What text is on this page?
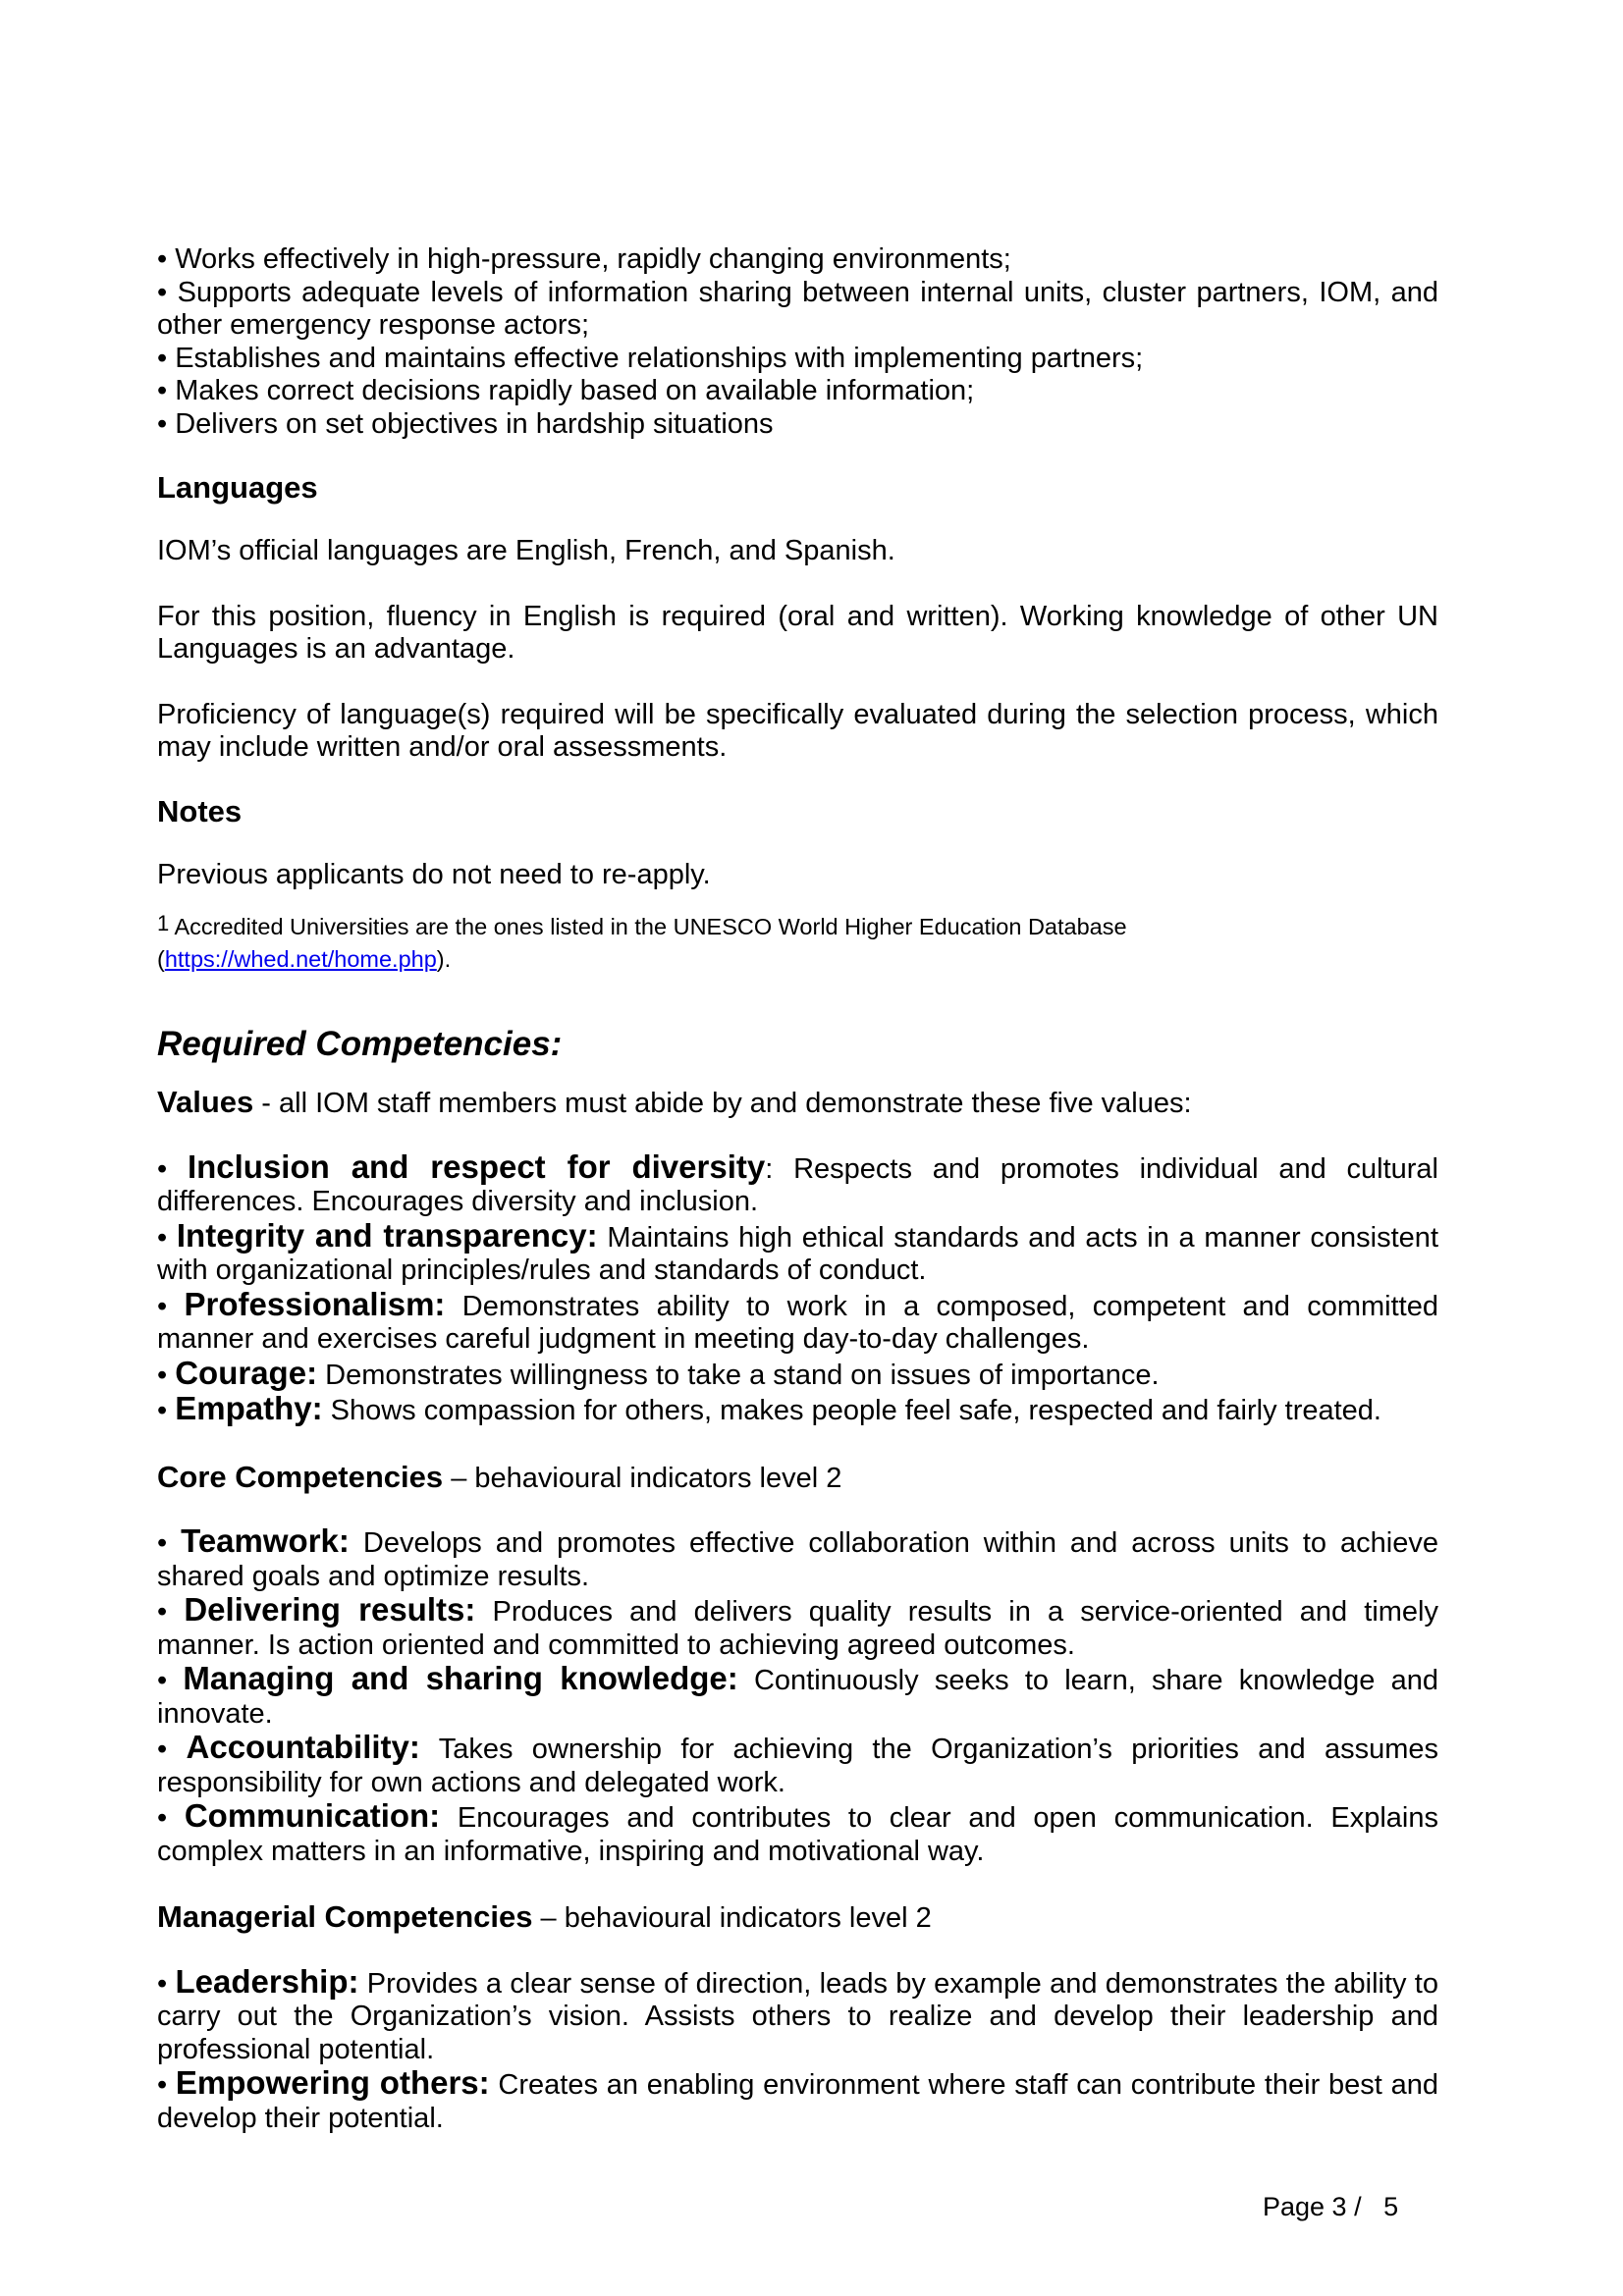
• Works effectively in high-pressure, rapidly changing environments;
• Supports adequate levels of information sharing between internal units, cluster partners, IOM, and other emergency response actors;
• Establishes and maintains effective relationships with implementing partners;
• Makes correct decisions rapidly based on available information;
• Delivers on set objectives in hardship situations
Languages

IOM’s official languages are English, French, and Spanish.

For this position, fluency in English is required (oral and written). Working knowledge of other UN Languages is an advantage.

Proficiency of language(s) required will be specifically evaluated during the selection process, which may include written and/or oral assessments.

Notes

Previous applicants do not need to re-apply.

$^1$ Accredited Universities are the ones listed in the UNESCO World Higher Education Database
(https://whed.net/home.php).

Required Competencies:

Values - all IOM staff members must abide by and demonstrate these five values:

• Inclusion and respect for diversity: Respects and promotes individual and cultural differences. Encourages diversity and inclusion.
• Integrity and transparency: Maintains high ethical standards and acts in a manner consistent with organizational principles/rules and standards of conduct.
• Professionalism: Demonstrates ability to work in a composed, competent and committed manner and exercises careful judgment in meeting day-to-day challenges.
• Courage: Demonstrates willingness to take a stand on issues of importance.
• Empathy: Shows compassion for others, makes people feel safe, respected and fairly treated.

Core Competencies – behavioural indicators level 2

• Teamwork: Develops and promotes effective collaboration within and across units to achieve shared goals and optimize results.
• Delivering results: Produces and delivers quality results in a service-oriented and timely manner. Is action oriented and committed to achieving agreed outcomes.
• Managing and sharing knowledge: Continuously seeks to learn, share knowledge and innovate.
• Accountability: Takes ownership for achieving the Organization’s priorities and assumes responsibility for own actions and delegated work.
• Communication: Encourages and contributes to clear and open communication. Explains complex matters in an informative, inspiring and motivational way.

Managerial Competencies – behavioural indicators level 2

• Leadership: Provides a clear sense of direction, leads by example and demonstrates the ability to carry out the Organization’s vision. Assists others to realize and develop their leadership and professional potential.
• Empowering others: Creates an enabling environment where staff can contribute their best and develop their potential.
Page 3 /   5
